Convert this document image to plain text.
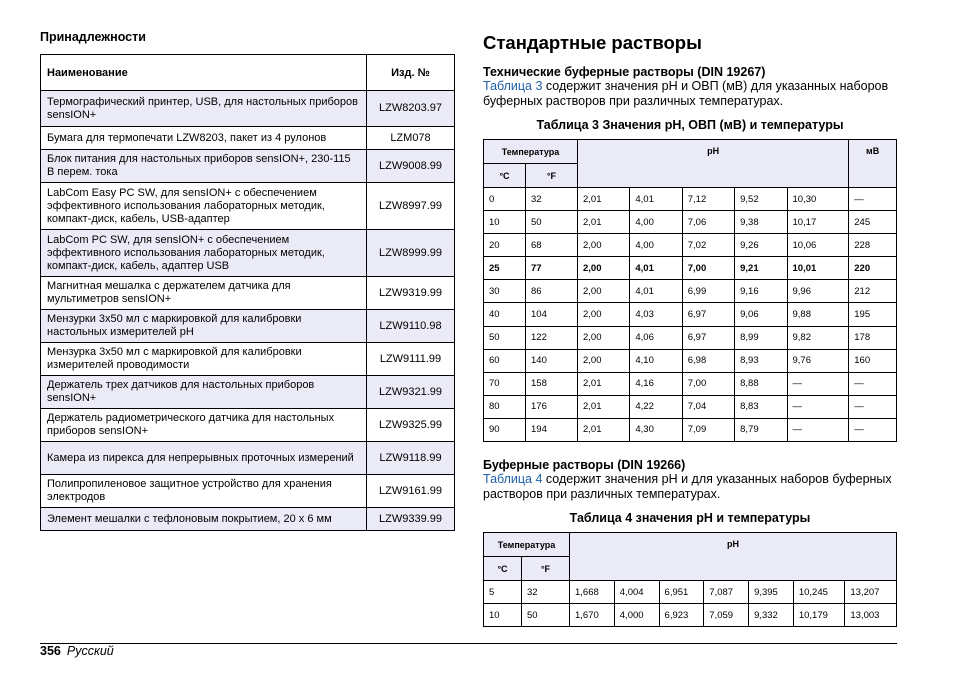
Принадлежности
Наименование	Изд. №
Термографический принтер, USB, для настольных приборов sensION+	LZW8203.97
Бумага для термопечати LZW8203, пакет из 4 рулонов	LZM078
Блок питания для настольных приборов sensION+, 230-115 В перем. тока	LZW9008.99
LabCom Easy PC SW, для sensION+ с обеспечением эффективного использования лабораторных методик, компакт-диск, кабель, USB-адаптер	LZW8997.99
LabCom PC SW, для sensION+ с обеспечением эффективного использования лабораторных методик, компакт-диск, кабель, адаптер USB	LZW8999.99
Магнитная мешалка с держателем датчика для мультиметров sensION+	LZW9319.99
Мензурки 3x50 мл с маркировкой для калибровки настольных измерителей pH	LZW9110.98
Мензурка 3x50 мл с маркировкой для калибровки измерителей проводимости	LZW9111.99
Держатель трех датчиков для настольных приборов sensION+	LZW9321.99
Держатель радиометрического датчика для настольных приборов sensION+	LZW9325.99
Камера из пирекса для непрерывных проточных измерений	LZW9118.99
Полипропиленовое защитное устройство для хранения электродов	LZW9161.99
Элемент мешалки с тефлоновым покрытием, 20 x 6 мм	LZW9339.99
Стандартные растворы
Технические буферные растворы (DIN 19267)
Таблица 3 содержит значения pH и ОВП (мВ) для указанных наборов буферных растворов при различных температурах.
Таблица 3 Значения pH, ОВП (мВ) и температуры
Температура		pH					мВ
°C	°F						
0	32	2,01	4,01	7,12	9,52	10,30	—
10	50	2,01	4,00	7,06	9,38	10,17	245
20	68	2,00	4,00	7,02	9,26	10,06	228
25	77	2,00	4,01	7,00	9,21	10,01	220
30	86	2,00	4,01	6,99	9,16	9,96	212
40	104	2,00	4,03	6,97	9,06	9,88	195
50	122	2,00	4,06	6,97	8,99	9,82	178
60	140	2,00	4,10	6,98	8,93	9,76	160
70	158	2,01	4,16	7,00	8,88	—	—
80	176	2,01	4,22	7,04	8,83	—	—
90	194	2,01	4,30	7,09	8,79	—	—
Буферные растворы (DIN 19266)
Таблица 4 содержит значения pH и для указанных наборов буферных растворов при различных температурах.
Таблица 4 значения pH и температуры
Температура		pH						
°C	°F							
5	32	1,668	4,004	6,951	7,087	9,395	10,245	13,207
10	50	1,670	4,000	6,923	7,059	9,332	10,179	13,003
356 Русский
